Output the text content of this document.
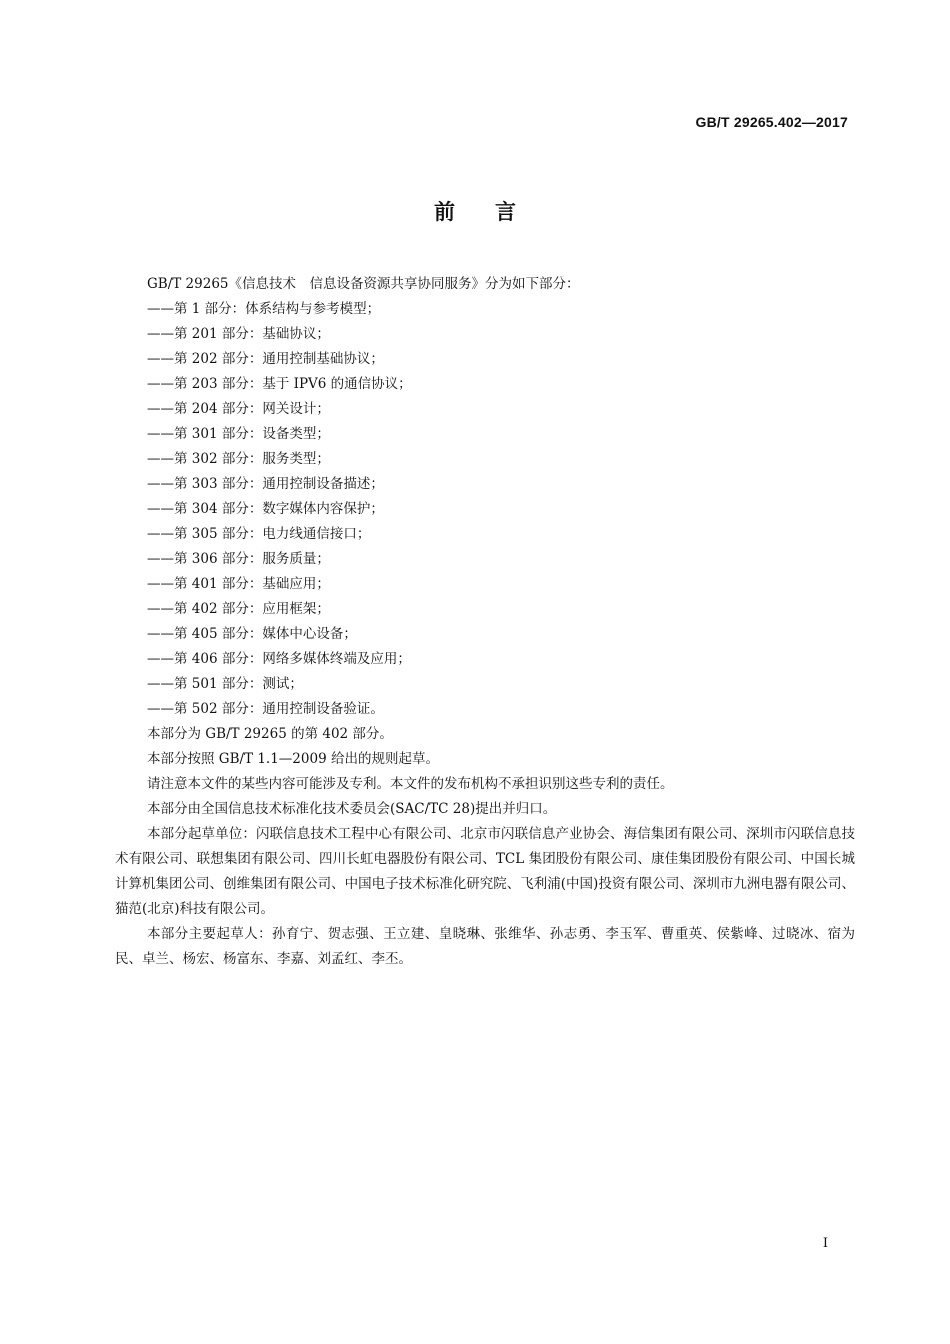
GB/T 29265.402—2017
前言

GB/T 29265《信息技术　信息设备资源共享协同服务》分为如下部分：

——第 1 部分：体系结构与参考模型；

——第 201 部分：基础协议；

——第 202 部分：通用控制基础协议；

——第 203 部分：基于 IPV6 的通信协议；

——第 204 部分：网关设计；

——第 301 部分：设备类型；

——第 302 部分：服务类型；

——第 303 部分：通用控制设备描述；

——第 304 部分：数字媒体内容保护；

——第 305 部分：电力线通信接口；

——第 306 部分：服务质量；

——第 401 部分：基础应用；

——第 402 部分：应用框架；

——第 405 部分：媒体中心设备；

——第 406 部分：网络多媒体终端及应用；

——第 501 部分：测试；

——第 502 部分：通用控制设备验证。

本部分为 GB/T 29265 的第 402 部分。

本部分按照 GB/T 1.1—2009 给出的规则起草。

请注意本文件的某些内容可能涉及专利。本文件的发布机构不承担识别这些专利的责任。

本部分由全国信息技术标准化技术委员会(SAC/TC 28)提出并归口。

本部分起草单位：闪联信息技术工程中心有限公司、北京市闪联信息产业协会、海信集团有限公司、深圳市闪联信息技术有限公司、联想集团有限公司、四川长虹电器股份有限公司、TCL 集团股份有限公司、康佳集团股份有限公司、中国长城计算机集团公司、创维集团有限公司、中国电子技术标准化研究院、飞利浦(中国)投资有限公司、深圳市九洲电器有限公司、猫范(北京)科技有限公司。

本部分主要起草人：孙育宁、贺志强、王立建、皇晓琳、张维华、孙志勇、李玉军、曹重英、侯紫峰、过晓冰、宿为民、卓兰、杨宏、杨富东、李嘉、刘孟红、李丕。

I
